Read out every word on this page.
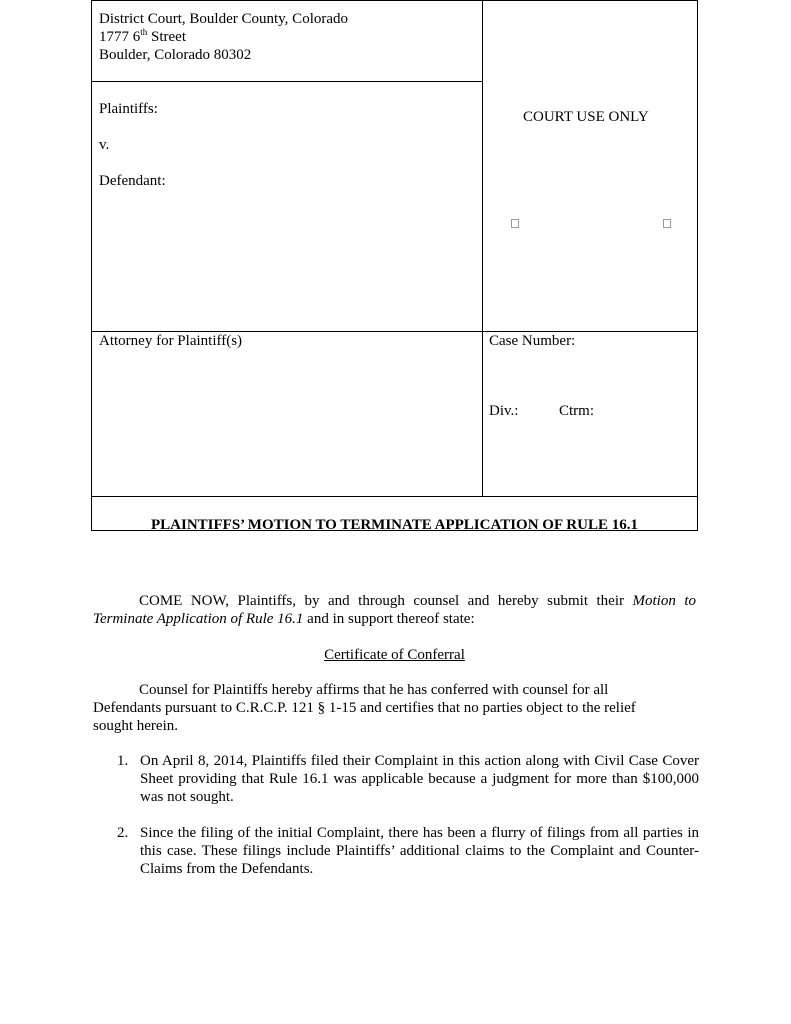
District Court, Boulder County, Colorado
1777 6th Street
Boulder, Colorado 80302
Plaintiffs:
v.
Defendant:
COURT USE ONLY
Attorney for Plaintiff(s)	Case Number:
Div.:	Ctrm:
PLAINTIFFS’ MOTION TO TERMINATE APPLICATION OF RULE 16.1
COME NOW, Plaintiffs, by and through counsel and hereby submit their Motion to Terminate Application of Rule 16.1 and in support thereof state:
Certificate of Conferral
Counsel for Plaintiffs hereby affirms that he has conferred with counsel for all
Defendants pursuant to C.R.C.P. 121 § 1-15 and certifies that no parties object to the relief
sought herein.
1. On April 8, 2014, Plaintiffs filed their Complaint in this action along with Civil Case Cover Sheet providing that Rule 16.1 was applicable because a judgment for more than $100,000 was not sought.
2. Since the filing of the initial Complaint, there has been a flurry of filings from all parties in this case. These filings include Plaintiffs’ additional claims to the Complaint and Counter-Claims from the Defendants.
